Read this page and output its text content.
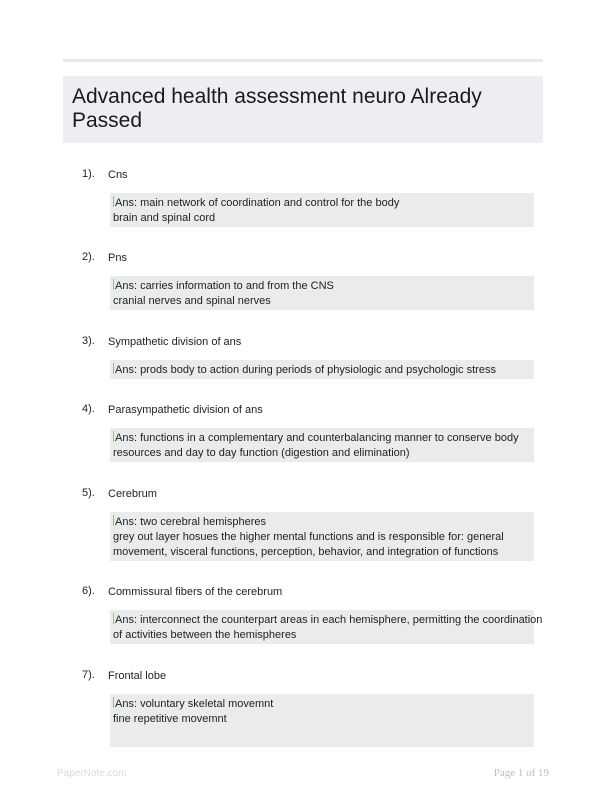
Advanced health assessment neuro Already Passed
1). Cns
Ans: main network of coordination and control for the body
brain and spinal cord
2). Pns
Ans: carries information to and from the CNS
cranial nerves and spinal nerves
3). Sympathetic division of ans
Ans: prods body to action during periods of physiologic and psychologic stress
4). Parasympathetic division of ans
Ans: functions in a complementary and counterbalancing manner to conserve body
resources and day to day function (digestion and elimination)
5). Cerebrum
Ans: two cerebral hemispheres
grey out layer hosues the higher mental functions and is responsible for: general
movement, visceral functions, perception, behavior, and integration of functions
6). Commissural fibers of the cerebrum
Ans: interconnect the counterpart areas in each hemisphere, permitting the coordination
of activities between the hemispheres
7). Frontal lobe
Ans: voluntary skeletal movemnt
fine repetitive movemnt
PaperNote.com	Page 1 of 19
